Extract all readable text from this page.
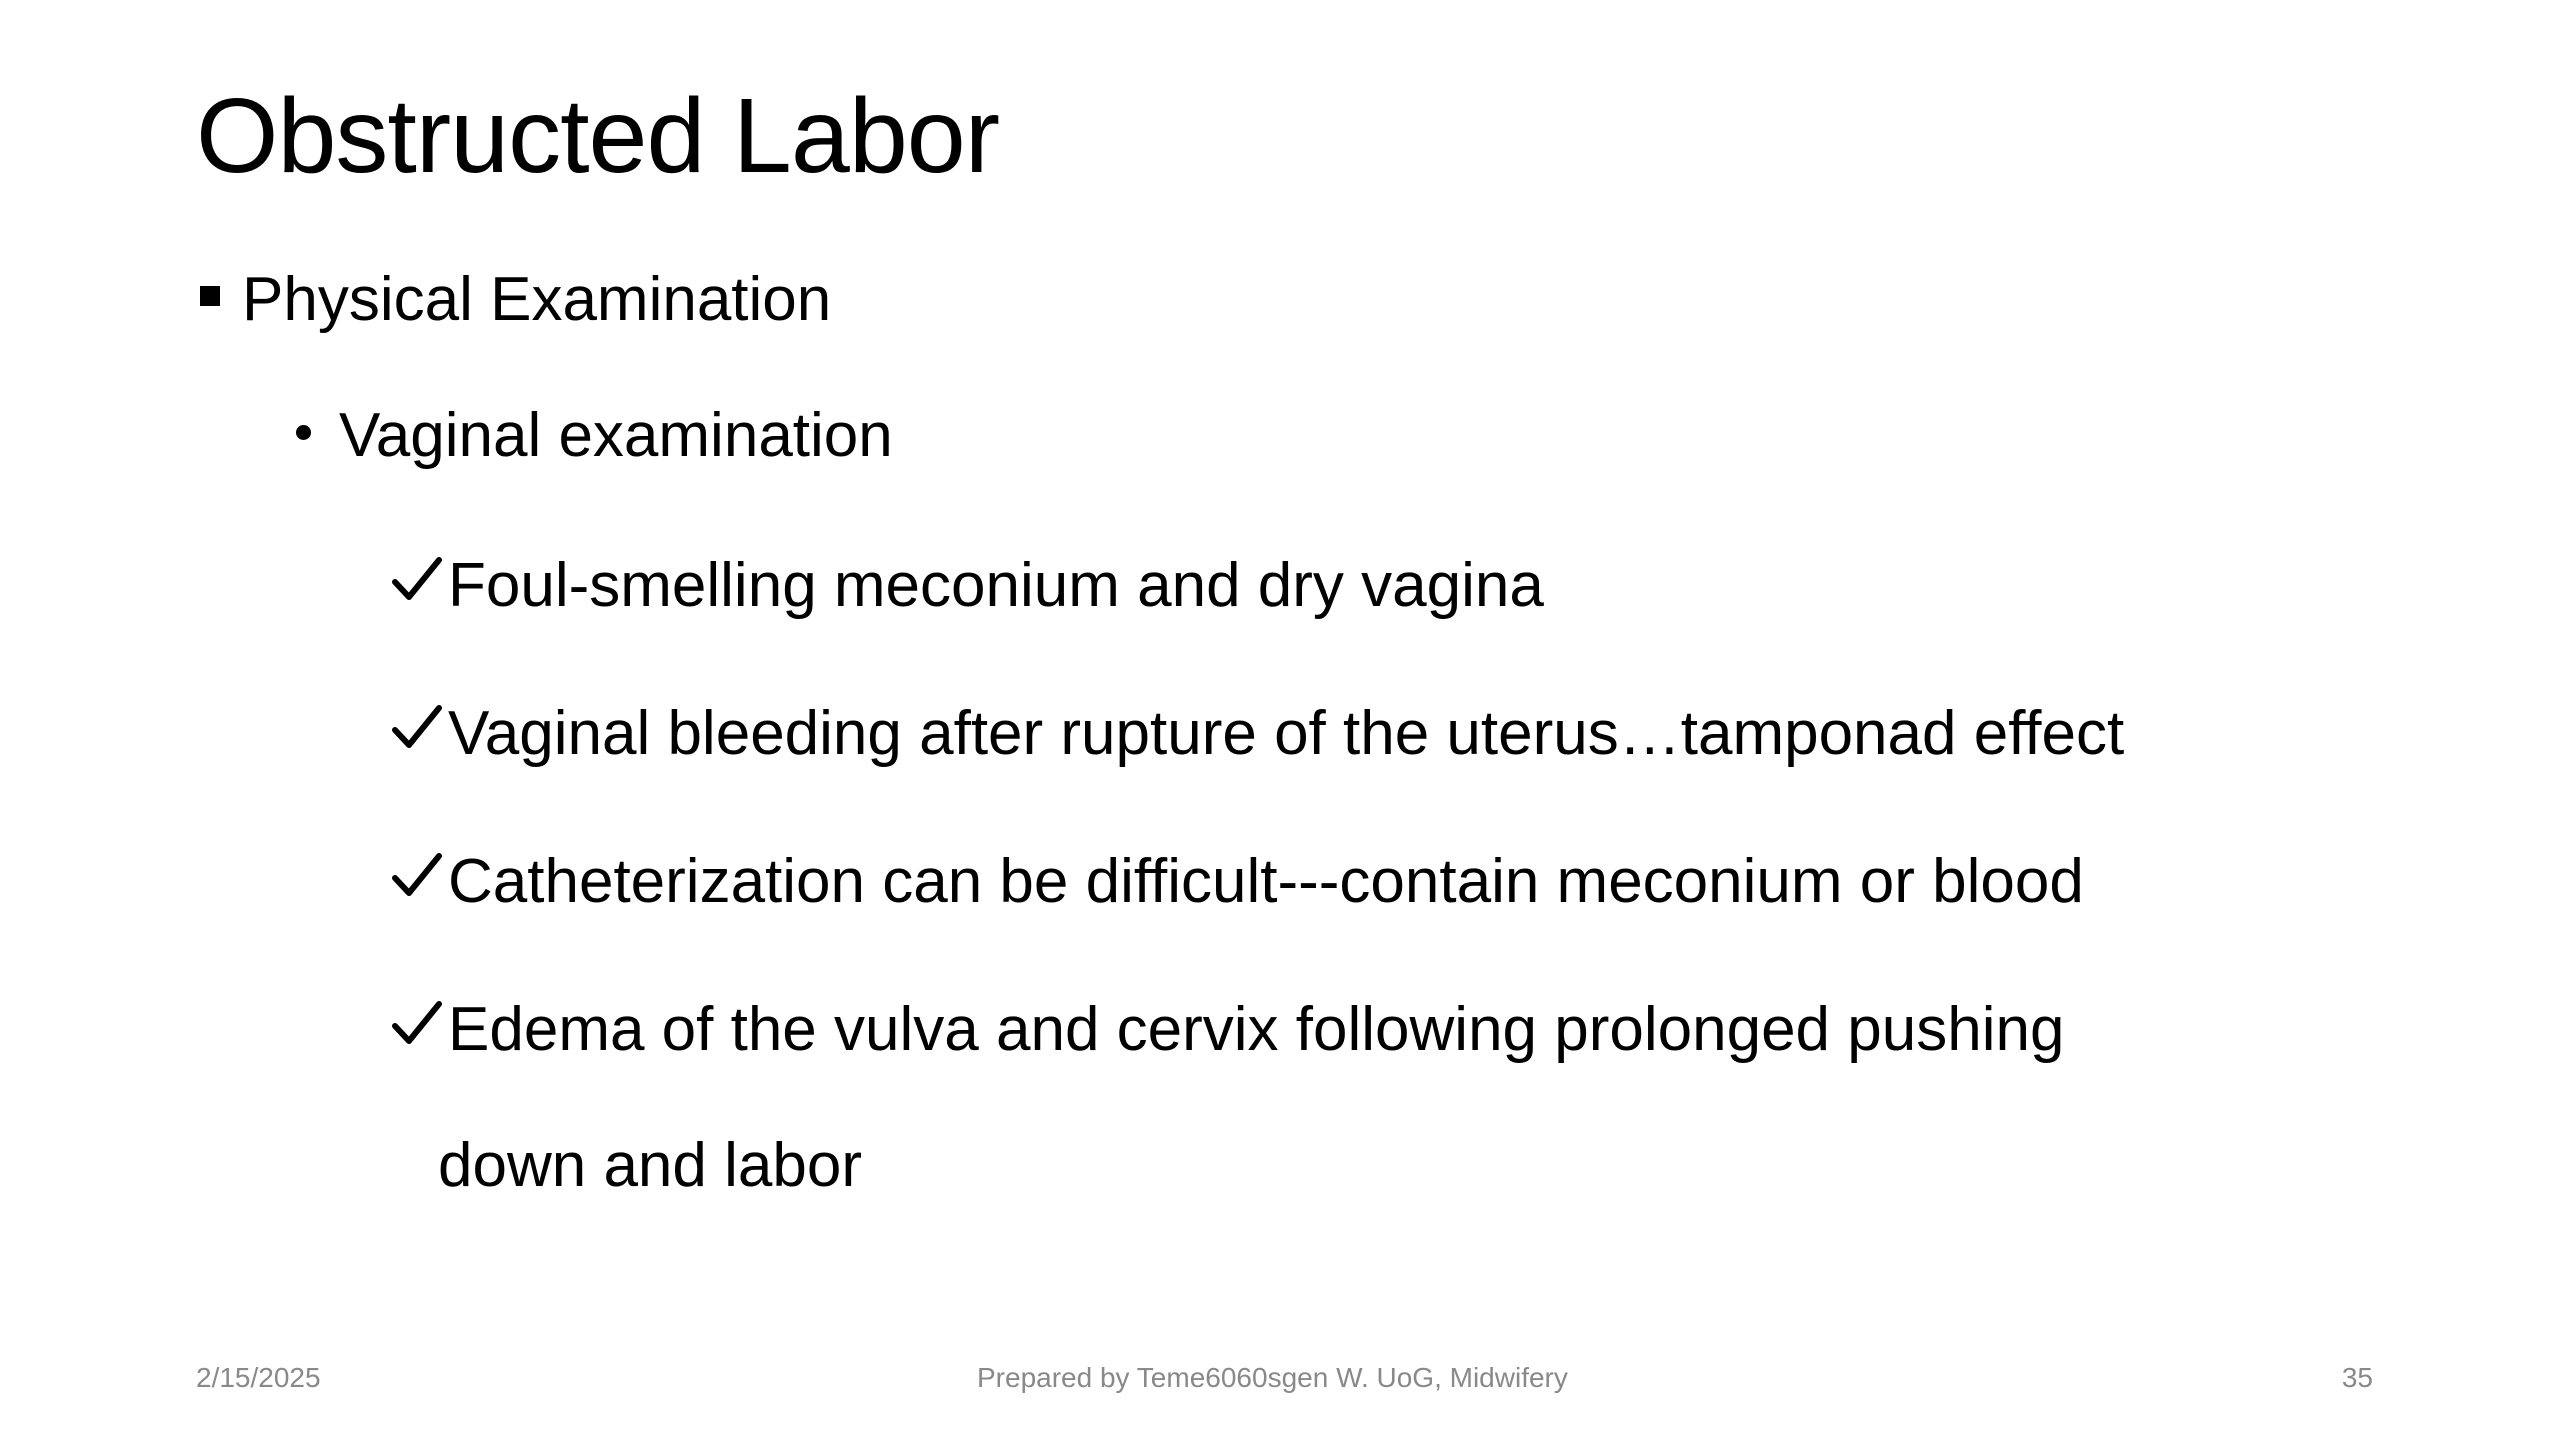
Obstructed Labor
Physical Examination
Vaginal examination
Foul-smelling meconium and dry vagina
Vaginal bleeding after rupture of the uterus…tamponad effect
Catheterization can be difficult---contain meconium or blood
Edema of the vulva and cervix following prolonged pushing
down and labor
2/15/2025	Prepared by Teme6060sgen W. UoG, Midwifery	35
